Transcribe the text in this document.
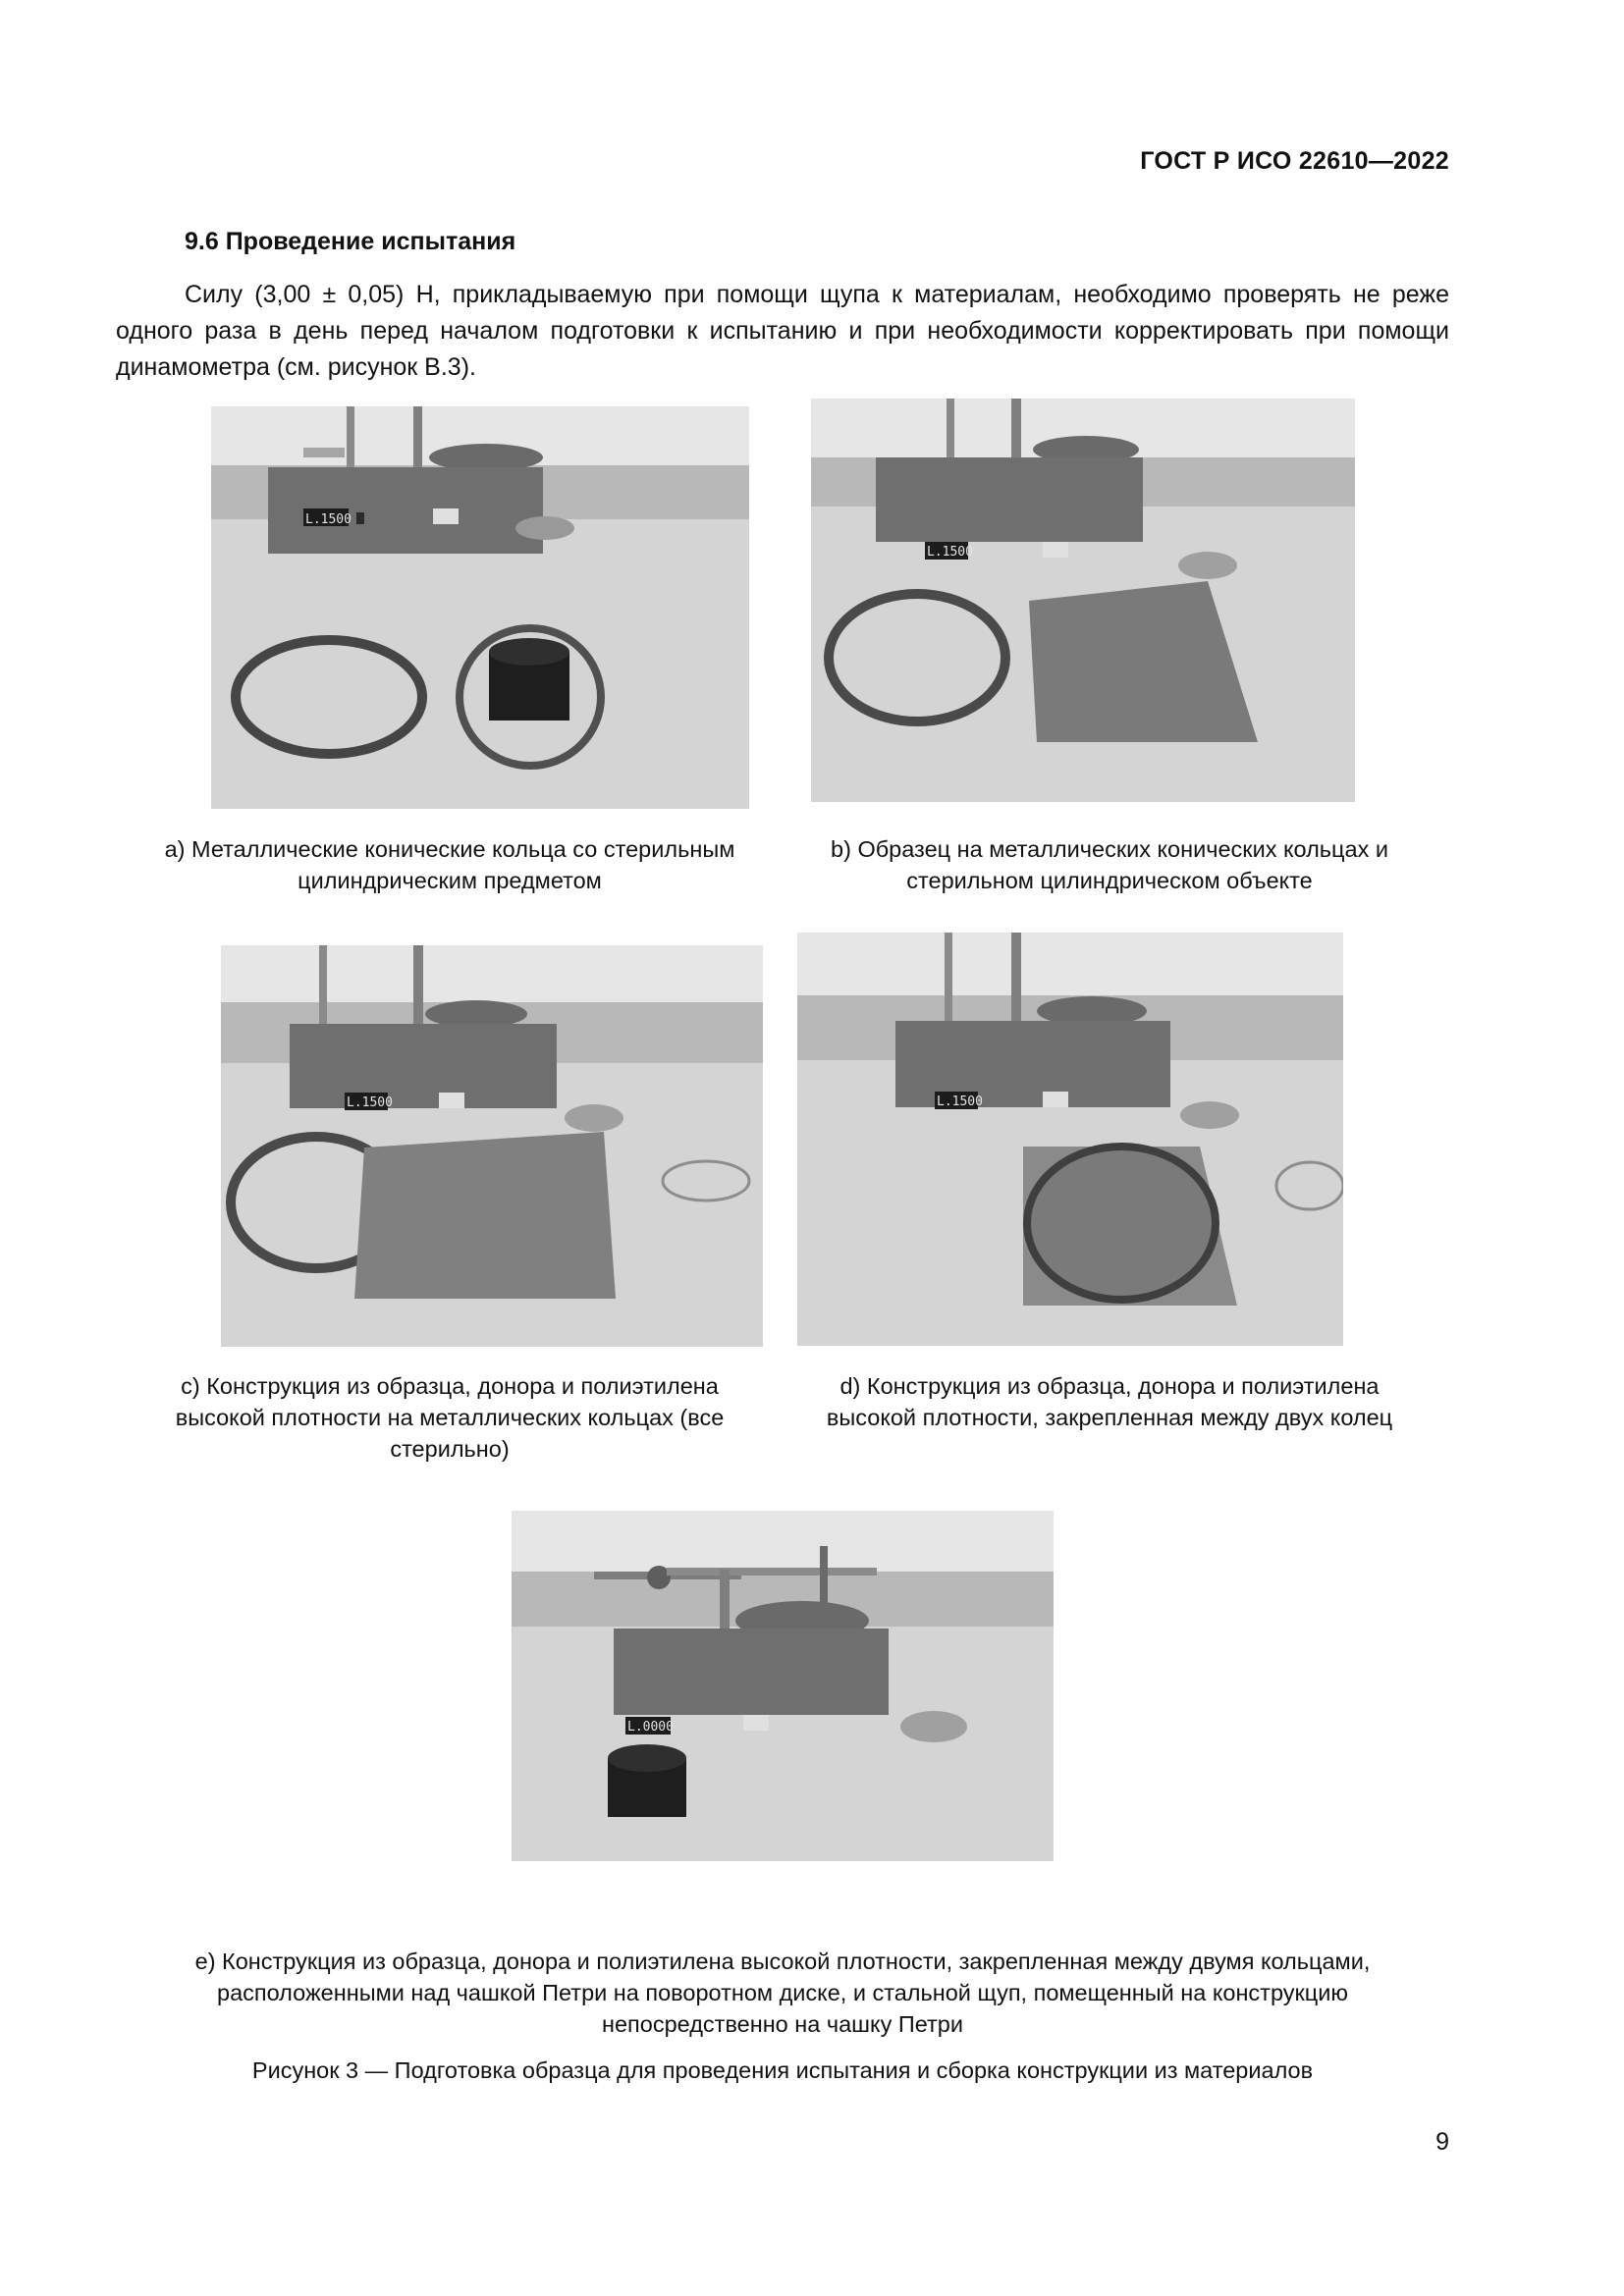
ГОСТ Р ИСО 22610—2022
9.6 Проведение испытания
Силу (3,00 ± 0,05) Н, прикладываемую при помощи щупа к материалам, необходимо проверять не реже одного раза в день перед началом подготовки к испытанию и при необходимости корректировать при помощи динамометра (см. рисунок В.3).
L.1500
L.1500
L.1500	L.1500
L.0000
a) Металлические конические кольца со стерильным цилиндрическим предметом
b) Образец на металлических конических кольцах и стерильном цилиндрическом объекте
c) Конструкция из образца, донора и полиэтилена высокой плотности на металлических кольцах (все стерильно)
d) Конструкция из образца, донора и полиэтилена высокой плотности, закрепленная между двух колец
e) Конструкция из образца, донора и полиэтилена высокой плотности, закрепленная между двумя кольцами, расположенными над чашкой Петри на поворотном диске, и стальной щуп, помещенный на конструкцию непосредственно на чашку Петри
Рисунок 3 — Подготовка образца для проведения испытания и сборка конструкции из материалов
9
